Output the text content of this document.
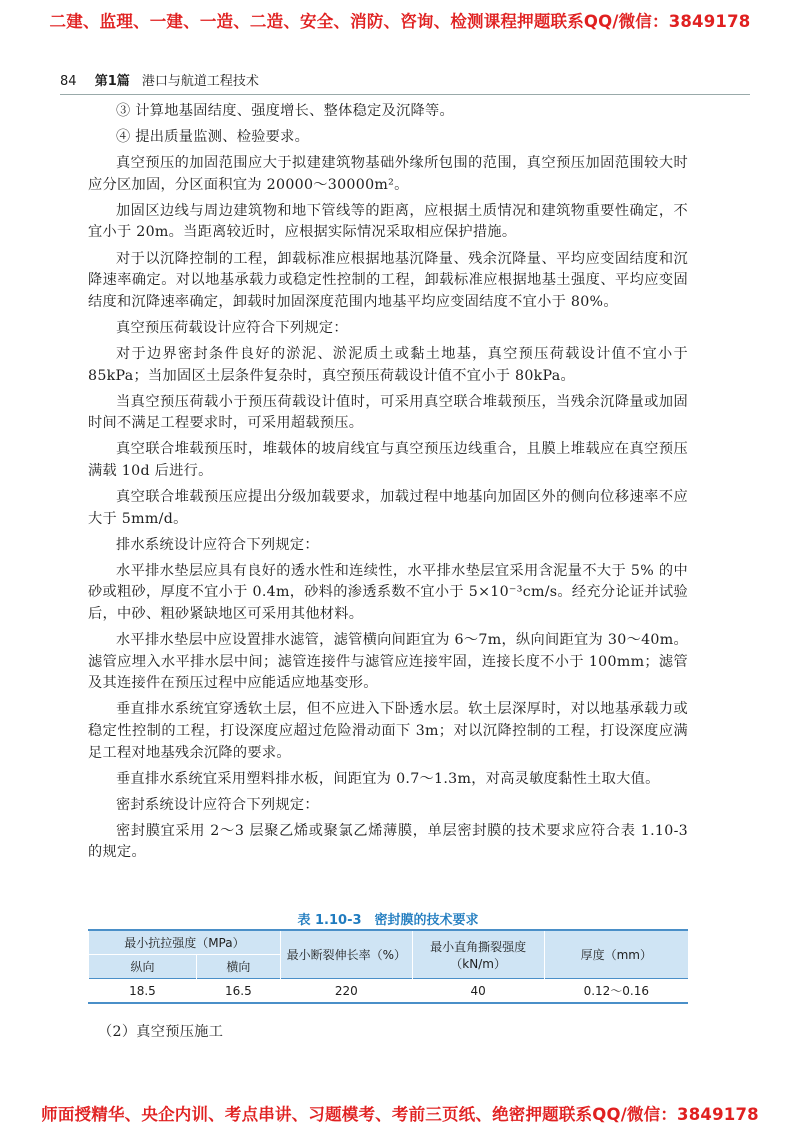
二建、监理、一建、一造、二造、安全、消防、咨询、检测课程押题联系QQ/微信：3849178
84 第1篇 港口与航道工程技术

③ 计算地基固结度、强度增长、整体稳定及沉降等。

④ 提出质量监测、检验要求。

真空预压的加固范围应大于拟建建筑物基础外缘所包围的范围，真空预压加固范围较大时应分区加固，分区面积宜为 20000～30000m²。

加固区边线与周边建筑物和地下管线等的距离，应根据土质情况和建筑物重要性确定，不宜小于 20m。当距离较近时，应根据实际情况采取相应保护措施。

对于以沉降控制的工程，卸载标准应根据地基沉降量、残余沉降量、平均应变固结度和沉降速率确定。对以地基承载力或稳定性控制的工程，卸载标准应根据地基土强度、平均应变固结度和沉降速率确定，卸载时加固深度范围内地基平均应变固结度不宜小于 80%。

真空预压荷载设计应符合下列规定：

对于边界密封条件良好的淤泥、淤泥质土或黏土地基，真空预压荷载设计值不宜小于 85kPa；当加固区土层条件复杂时，真空预压荷载设计值不宜小于 80kPa。

当真空预压荷载小于预压荷载设计值时，可采用真空联合堆载预压，当残余沉降量或加固时间不满足工程要求时，可采用超载预压。

真空联合堆载预压时，堆载体的坡肩线宜与真空预压边线重合，且膜上堆载应在真空预压满载 10d 后进行。

真空联合堆载预压应提出分级加载要求，加载过程中地基向加固区外的侧向位移速率不应大于 5mm/d。

排水系统设计应符合下列规定：

水平排水垫层应具有良好的透水性和连续性，水平排水垫层宜采用含泥量不大于 5% 的中砂或粗砂，厚度不宜小于 0.4m，砂料的渗透系数不宜小于 5×10⁻³cm/s。经充分论证并试验后，中砂、粗砂紧缺地区可采用其他材料。

水平排水垫层中应设置排水滤管，滤管横向间距宜为 6～7m，纵向间距宜为 30～40m。滤管应埋入水平排水层中间；滤管连接件与滤管应连接牢固，连接长度不小于 100mm；滤管及其连接件在预压过程中应能适应地基变形。

垂直排水系统宜穿透软土层，但不应进入下卧透水层。软土层深厚时，对以地基承载力或稳定性控制的工程，打设深度应超过危险滑动面下 3m；对以沉降控制的工程，打设深度应满足工程对地基残余沉降的要求。

垂直排水系统宜采用塑料排水板，间距宜为 0.7～1.3m，对高灵敏度黏性土取大值。

密封系统设计应符合下列规定：

密封膜宜采用 2～3 层聚乙烯或聚氯乙烯薄膜，单层密封膜的技术要求应符合表 1.10-3 的规定。

表 1.10-3　密封膜的技术要求
最小抗拉强度（MPa）		最小断裂伸长率（%）	最小直角撕裂强度（kN/m）	厚度（mm）
纵向	横向			
18.5	16.5	220	40	0.12～0.16
（2）真空预压施工
师面授精华、央企内训、考点串讲、习题模考、考前三页纸、绝密押题联系QQ/微信：3849178
